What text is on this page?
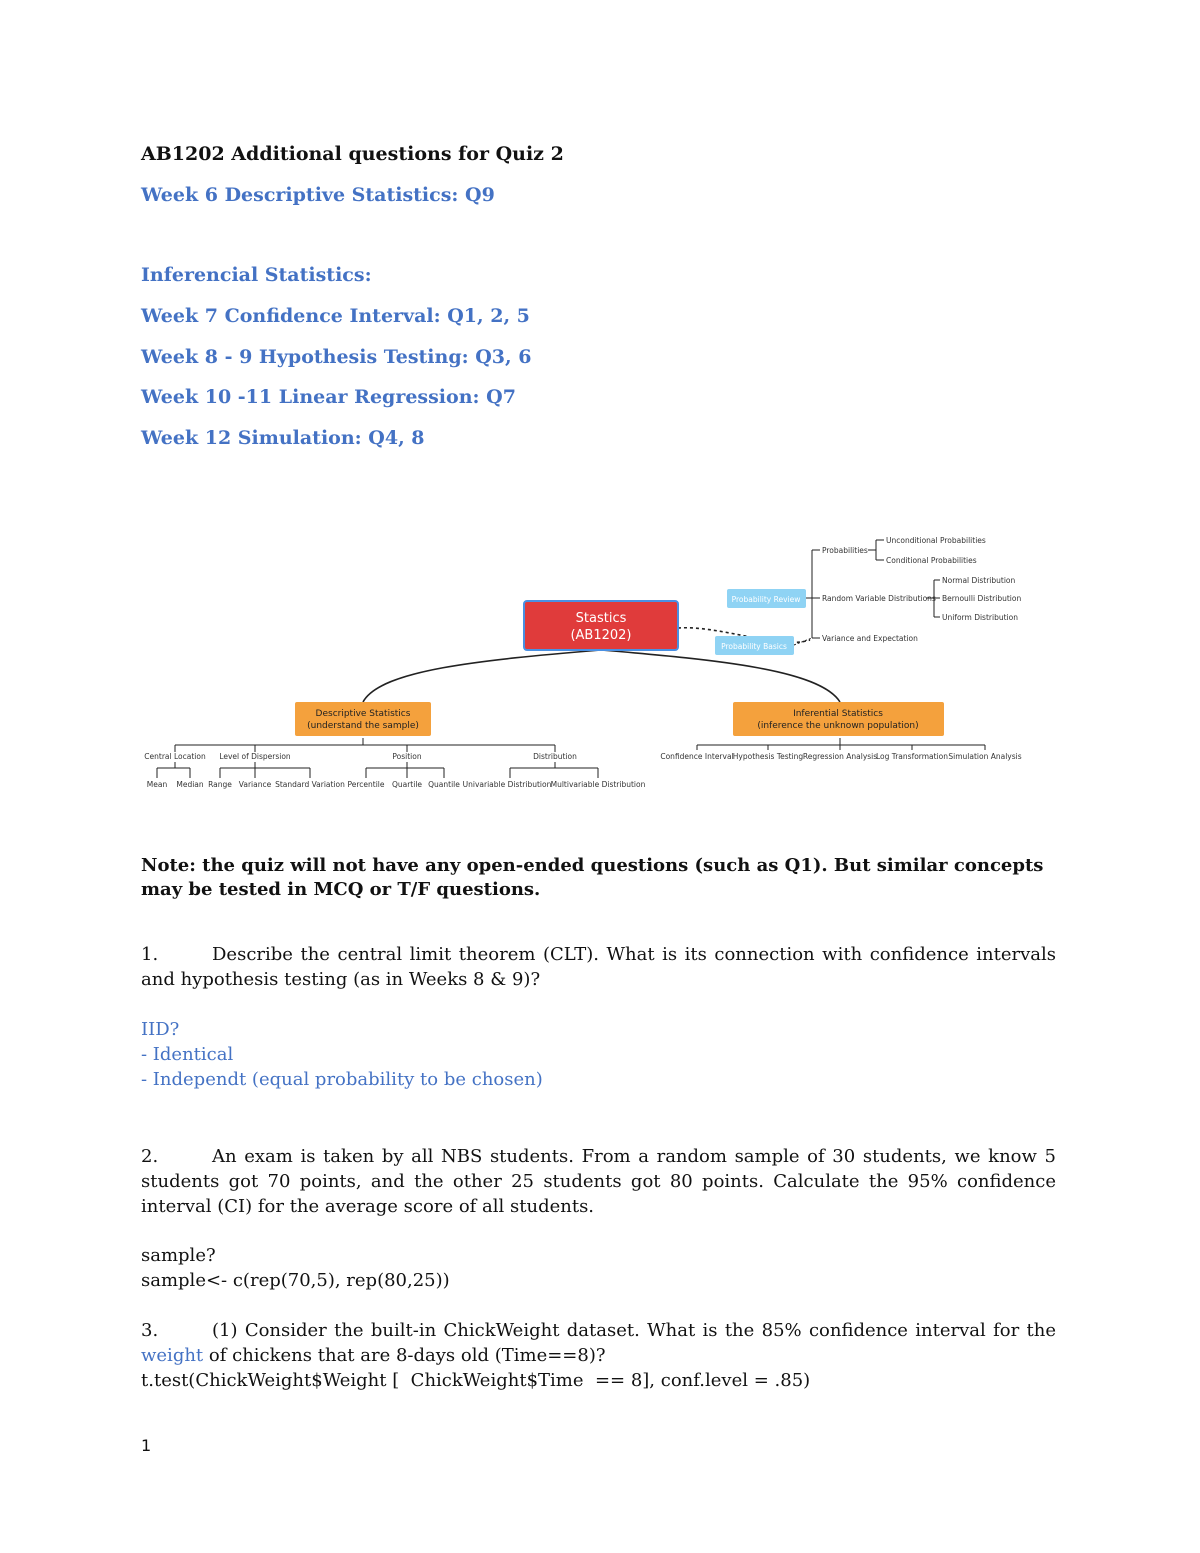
AB1202 Additional questions for Quiz 2
Week 6 Descriptive Statistics: Q9
Inferencial Statistics:
Week 7 Confidence Interval: Q1, 2, 5
Week 8 - 9 Hypothesis Testing: Q3, 6
Week 10 -11 Linear Regression: Q7
Week 12 Simulation: Q4, 8
Stastics
(AB1202)
Descriptive Statistics
(understand the sample)
Inferential Statistics
(inference the unknown population)
Probability Review
Probability Basics
Probabilities
Unconditional Probabilities
Conditional Probabilities
Random Variable Distributions
Normal Distribution
Bernoulli Distribution
Uniform Distribution
Variance and Expectation
Central Location Level of Dispersion	Position	Distribution
Mean Median Range Variance Standard Variation Percentile Quartile Quantile Univariable Distribution Multivariable Distribution
Confidence Interval Hypothesis Testing Regression Analysis
Log Transformation Simulation Analysis
Note: the quiz will not have any open-ended questions (such as Q1). But similar concepts may be tested in MCQ or T/F questions.
1.	Describe the central limit theorem (CLT). What is its connection with confidence intervals and hypothesis testing (as in Weeks 8 & 9)?
IID?
- Identical
- Independt (equal probability to be chosen)
2.	An exam is taken by all NBS students. From a random sample of 30 students, we know 5 students got 70 points, and the other 25 students got 80 points. Calculate the 95% confidence interval (CI) for the average score of all students.
sample?
sample<- c(rep(70,5), rep(80,25))
3.	(1) Consider the built-in ChickWeight dataset. What is the 85% confidence interval for the weight of chickens that are 8-days old (Time==8)?
t.test(ChickWeight$Weight [  ChickWeight$Time  == 8], conf.level = .85)
1
